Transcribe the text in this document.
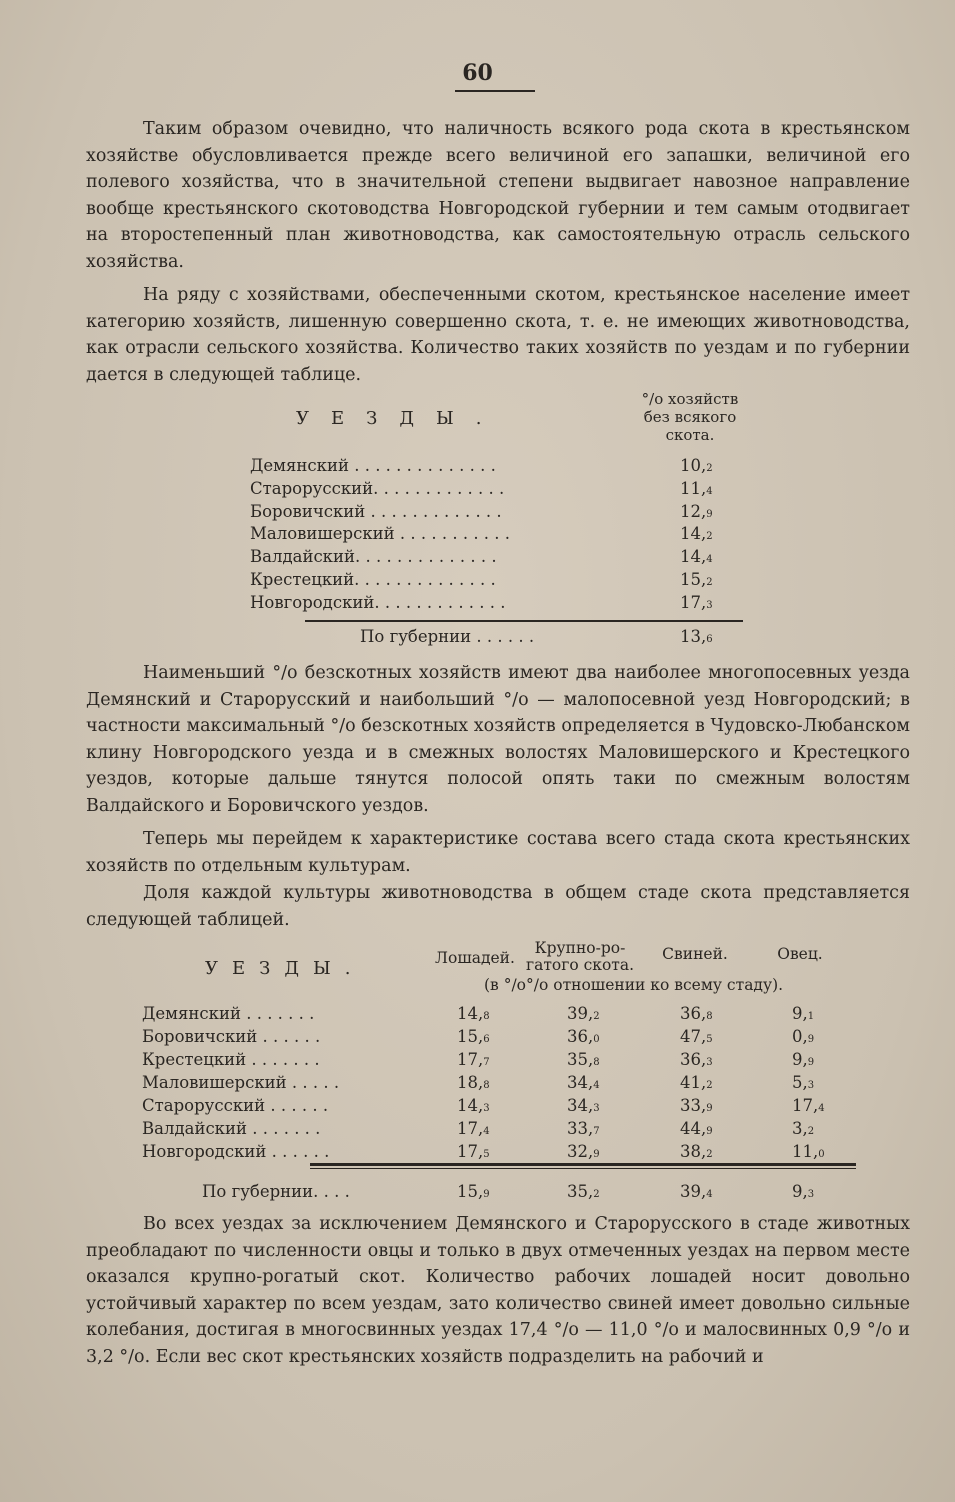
60

Таким образом очевидно, что наличность всякого рода скота в крестьянском хозяйстве обусловливается прежде всего величиной его запашки, величиной его полевого хозяйства, что в значительной степени выдвигает навозное направление вообще крестьянского скотоводства Новгородской губернии и тем самым отодвигает на второстепенный план животноводства, как самостоятельную отрасль сельского хозяйства.

На ряду с хозяйствами, обеспеченными скотом, крестьянское население имеет категорию хозяйств, лишенную совершенно скота, т. е. не имеющих животноводства, как отрасли сельского хозяйства. Количество таких хозяйств по уездам и по губернии дается в следующей таблице.

УЕЗДЫ.
°/о хозяйств
без всякого
скота.
Демянский . . . . . . . . . . . . . .	10,2
Старорусский. . . . . . . . . . . . .	11,4
Боровичский . . . . . . . . . . . . .	12,9
Маловишерский . . . . . . . . . . .	14,2
Валдайский. . . . . . . . . . . . . .	14,4
Крестецкий. . . . . . . . . . . . . .	15,2
Новгородский. . . . . . . . . . . . .	17,3
По губернии . . . . . .	13,6

Наименьший °/о безскотных хозяйств имеют два наиболее многопосевных уезда Демянский и Старорусский и наибольший °/о — малопосевной уезд Новгородский; в частности максимальный °/о безскотных хозяйств определяется в Чудовско-Любанском клину Новгородского уезда и в смежных волостях Маловишерского и Крестецкого уездов, которые дальше тянутся полосой опять таки по смежным волостям Валдайского и Боровичского уездов.

Теперь мы перейдем к характеристике состава всего стада скота крестьянских хозяйств по отдельным культурам.

Доля каждой культуры животноводства в общем стаде скота представляется следующей таблицей.

УЕЗДЫ.	Лошадей.
Крупно-ро-
гатого скота.
Свиней.	Овец.
(в °/о°/о отношении ко всему стаду).
Демянский . . . . . . .	14,8	39,2	36,8	9,1
Боровичский . . . . . .	15,6	36,0	47,5	0,9
Крестецкий . . . . . . .	17,7	35,8	36,3	9,9
Маловишерский . . . . .	18,8	34,4	41,2	5,3
Старорусский . . . . . .	14,3	34,3	33,9	17,4
Валдайский . . . . . . .	17,4	33,7	44,9	3,2
Новгородский . . . . . .	17,5	32,9	38,2	11,0
По губернии. . . .	15,9	35,2	39,4	9,3

Во всех уездах за исключением Демянского и Старорусского в стаде животных преобладают по численности овцы и только в двух отмеченных уездах на первом месте оказался крупно-рогатый скот. Количество рабочих лошадей носит довольно устойчивый характер по всем уездам, зато количество свиней имеет довольно сильные колебания, достигая в многосвинных уездах 17,4 °/о — 11,0 °/о и малосвинных 0,9 °/о и 3,2 °/о. Если вес скот крестьянских хозяйств подразделить на рабочий и
